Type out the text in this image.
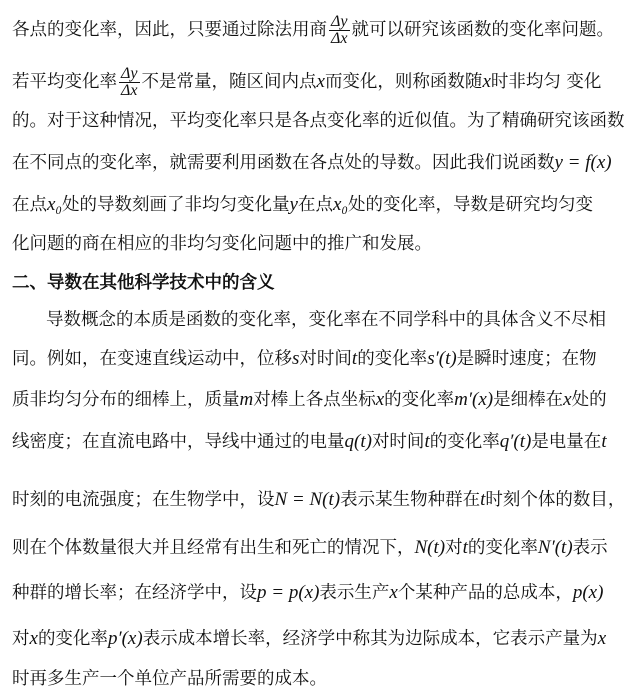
各点的变化率，因此，只要通过除法用商 $\frac{\Delta y}{\Delta x}$ 就可以研究该函数的变化率问题。
若平均变化率 $\frac{\Delta y}{\Delta x}$ 不是常量，随区间内点x而变化，则称函数随x时非均匀 变化
的。对于这种情况，平均变化率只是各点变化率的近似值。为了精确研究该函数
在不同点的变化率，就需要利用函数在各点处的导数。因此我们说函数y = f(x)
在点x₀处的导数刻画了非均匀变化量y在点x₀处的变化率，导数是研究均匀变
化问题的商在相应的非均匀变化问题中的推广和发展。
二、导数在其他科学技术中的含义
导数概念的本质是函数的变化率，变化率在不同学科中的具体含义不尽相
同。例如，在变速直线运动中，位移s对时间t的变化率s′(t)是瞬时速度；在物
质非均匀分布的细棒上，质量m对棒上各点坐标x的变化率m′(x)是细棒在x处的
线密度；在直流电路中，导线中通过的电量q(t)对时间t的变化率q′(t)是电量在t
时刻的电流强度；在生物学中，设N = N(t)表示某生物种群在t时刻个体的数目，
则在个体数量很大并且经常有出生和死亡的情况下，N(t)对t的变化率N′(t)表示
种群的增长率；在经济学中，设p = p(x)表示生产x个某种产品的总成本，p(x)
对x的变化率p′(x)表示成本增长率，经济学中称其为边际成本，它表示产量为x
时再多生产一个单位产品所需要的成本。
